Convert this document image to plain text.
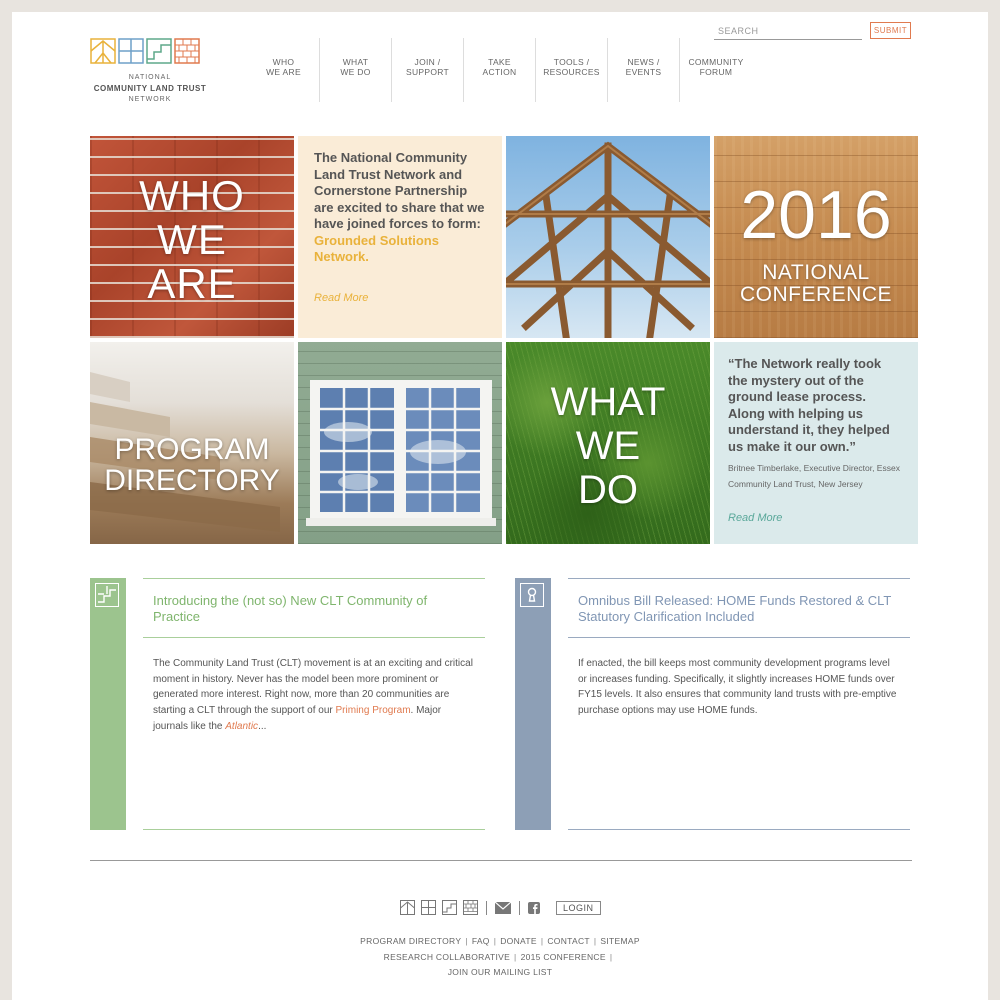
NATIONAL
COMMUNITY LAND TRUST
NETWORK
SEARCH
SUBMIT
WHO
WE ARE
WHAT
WE DO
JOIN /
SUPPORT
TAKE
ACTION
TOOLS /
RESOURCES
NEWS /
EVENTS
COMMUNITY
FORUM
WHO
WE
ARE

The National Community Land Trust Network and Cornerstone Partnership are excited to share that we have joined forces to form: Grounded Solutions Network.

Read More
2016
NATIONAL
CONFERENCE
PROGRAM
DIRECTORY
WHAT
WE
DO
“The Network really took the mystery out of the ground lease process. Along with helping us understand it, they helped us make it our own.”
Britnee Timberlake, Executive Director, Essex Community Land Trust, New Jersey
Read More
Introducing the (not so) New CLT Community of Practice
The Community Land Trust (CLT) movement is at an exciting and critical moment in history. Never has the model been more prominent or generated more interest. Right now, more than 20 communities are starting a CLT through the support of our Priming Program. Major journals like the Atlantic...
Omnibus Bill Released: HOME Funds Restored & CLT Statutory Clarification Included
If enacted, the bill keeps most community development programs level or increases funding. Specifically, it slightly increases HOME funds over FY15 levels. It also ensures that community land trusts with pre-emptive purchase options may use HOME funds.
LOGIN
PROGRAM DIRECTORY | FAQ | DONATE | CONTACT | SITEMAP
RESEARCH COLLABORATIVE | 2015 CONFERENCE |
JOIN OUR MAILING LIST
